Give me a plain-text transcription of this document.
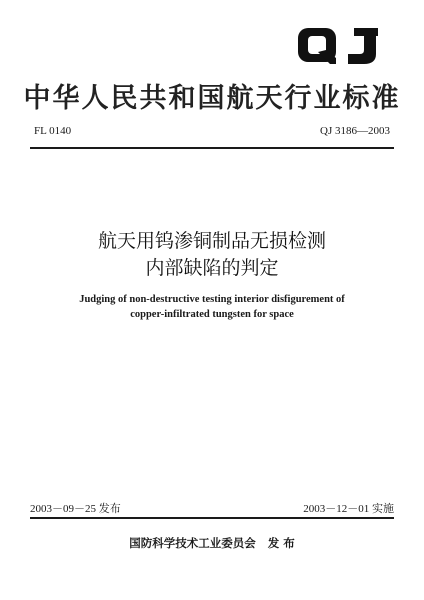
中华人民共和国航天行业标准
FL 0140	QJ 3186—2003
航天用钨渗铜制品无损检测
内部缺陷的判定
Judging of non-destructive testing interior disfigurement of
copper-infiltrated tungsten for space
2003－09－25 发布	2003－12－01 实施
国防科学技术工业委员会 发 布
